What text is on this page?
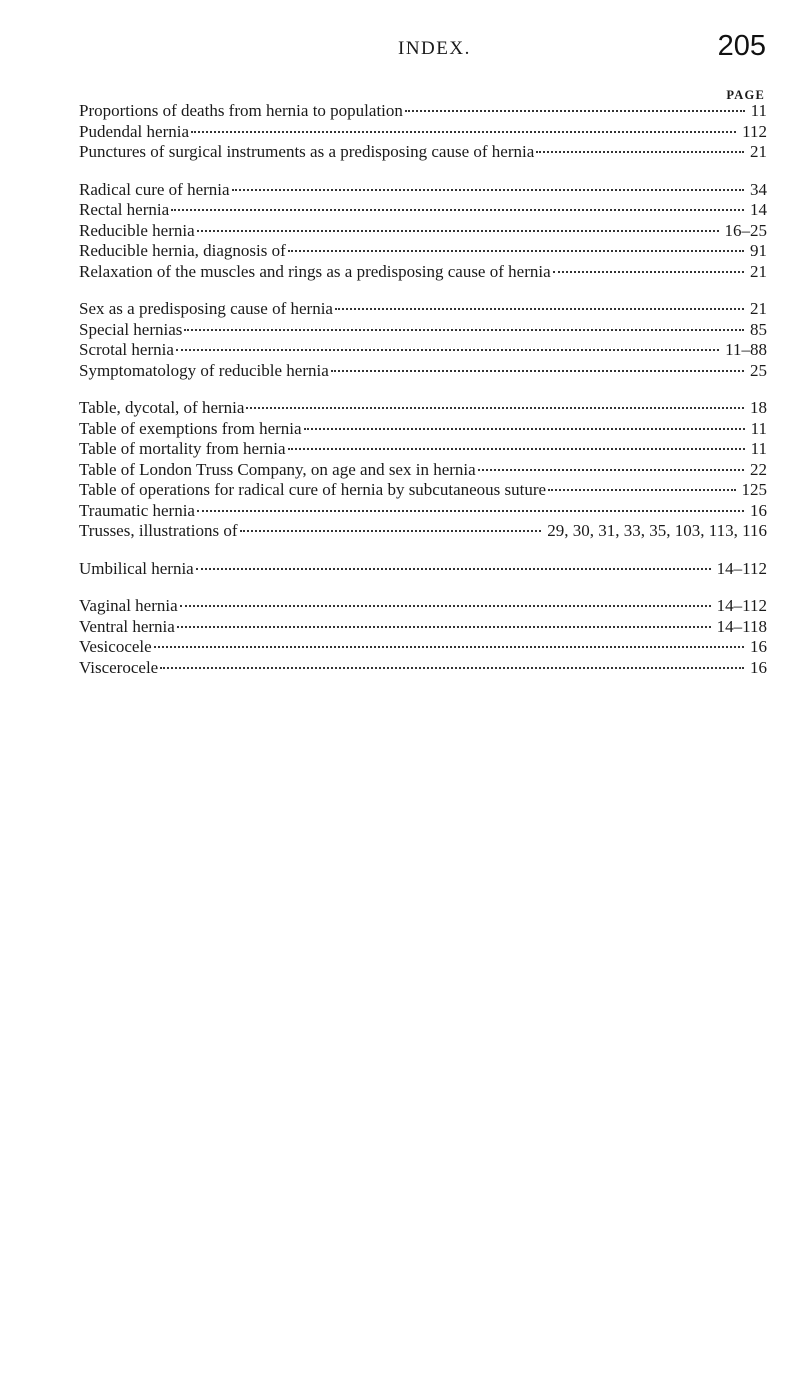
INDEX.	205
PAGE
Proportions of deaths from hernia to population	11
Pudendal hernia	112
Punctures of surgical instruments as a predisposing cause of hernia	21
Radical cure of hernia	34
Rectal hernia	14
Reducible hernia	16–25
Reducible hernia, diagnosis of	91
Relaxation of the muscles and rings as a predisposing cause of hernia	21
Sex as a predisposing cause of hernia	21
Special hernias	85
Scrotal hernia	11–88
Symptomatology of reducible hernia	25
Table, dycotal, of hernia	18
Table of exemptions from hernia	11
Table of mortality from hernia	11
Table of London Truss Company, on age and sex in hernia	22
Table of operations for radical cure of hernia by subcutaneous suture	125
Traumatic hernia	16
Trusses, illustrations of	29, 30, 31, 33, 35, 103, 113, 116
Umbilical hernia	14–112
Vaginal hernia	14–112
Ventral hernia	14–118
Vesicocele	16
Viscerocele	16
